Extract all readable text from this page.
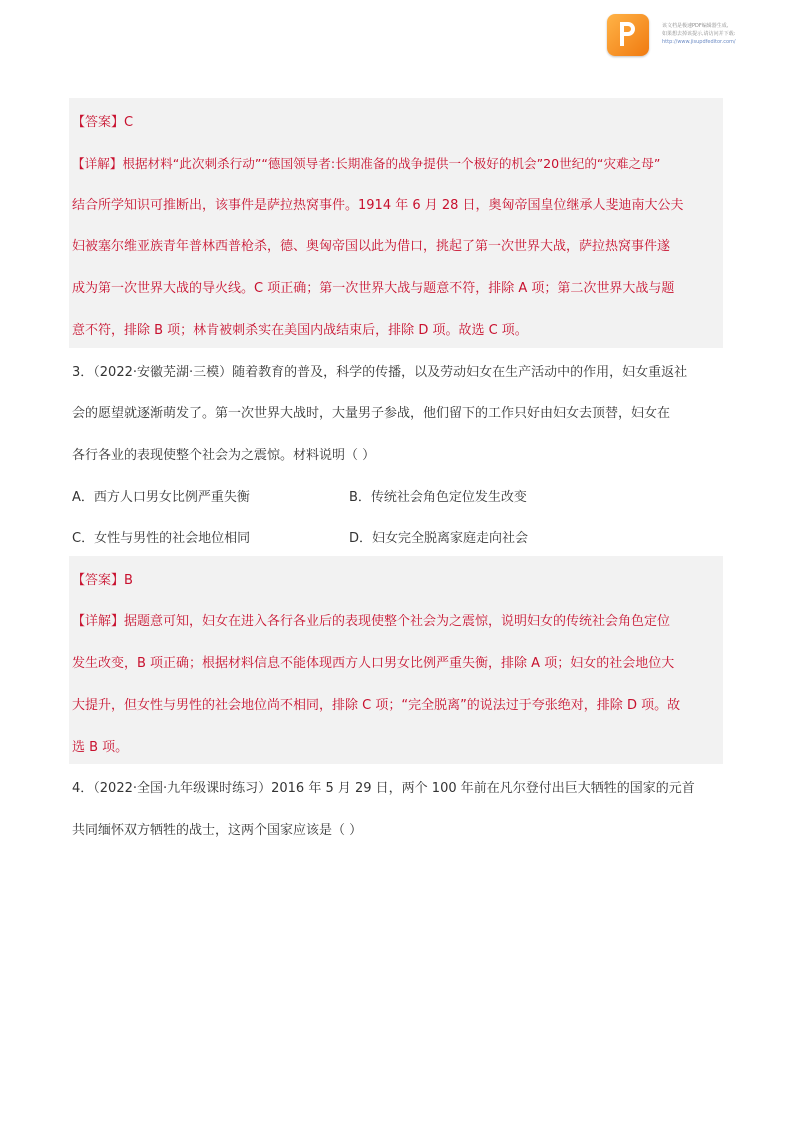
该文档是极速PDF编辑器生成,
如果想去掉该提示,请访问并下载:
http://www.jisupdfeditor.com/
【答案】C
【详解】根据材料“此次刺杀行动”“德国领导者:长期准备的战争提供一个极好的机会”20世纪的“灾难之母”
结合所学知识可推断出，该事件是萨拉热窝事件。1914 年 6 月 28 日，奥匈帝国皇位继承人斐迪南大公夫
妇被塞尔维亚族青年普林西普枪杀，德、奥匈帝国以此为借口，挑起了第一次世界大战，萨拉热窝事件遂
成为第一次世界大战的导火线。C 项正确；第一次世界大战与题意不符，排除 A 项；第二次世界大战与题
意不符，排除 B 项；林肯被刺杀实在美国内战结束后，排除 D 项。故选 C 项。
3．（2022·安徽芜湖·三模）随着教育的普及，科学的传播，以及劳动妇女在生产活动中的作用，妇女重返社
会的愿望就逐渐萌发了。第一次世界大战时，大量男子参战，他们留下的工作只好由妇女去顶替，妇女在
各行各业的表现使整个社会为之震惊。材料说明（ ）
A．西方人口男女比例严重失衡	B．传统社会角色定位发生改变
C．女性与男性的社会地位相同	D．妇女完全脱离家庭走向社会
【答案】B
【详解】据题意可知，妇女在进入各行各业后的表现使整个社会为之震惊，说明妇女的传统社会角色定位
发生改变，B 项正确；根据材料信息不能体现西方人口男女比例严重失衡，排除 A 项；妇女的社会地位大
大提升，但女性与男性的社会地位尚不相同，排除 C 项；“完全脱离”的说法过于夸张绝对，排除 D 项。故
选 B 项。
4．（2022·全国·九年级课时练习）2016 年 5 月 29 日，两个 100 年前在凡尔登付出巨大牺牲的国家的元首
共同缅怀双方牺牲的战士，这两个国家应该是（ ）
